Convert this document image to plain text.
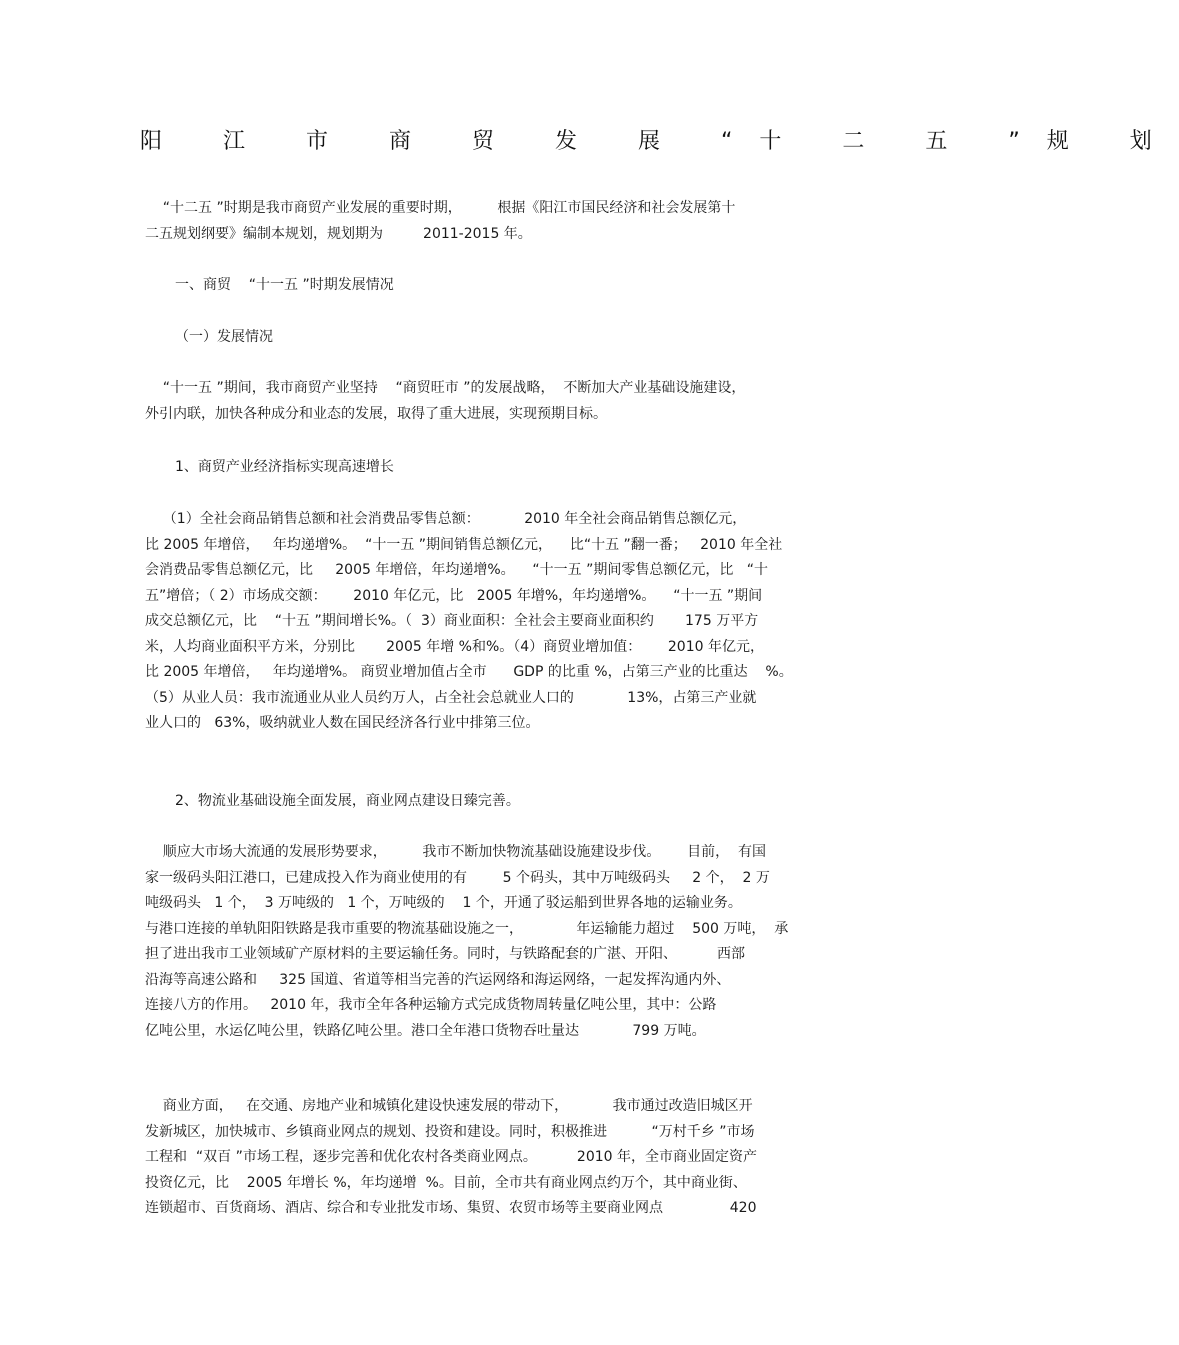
阳 江 市 商 贸 发 展 “十 二 五 ”规 划
“十二五 ”时期是我市商贸产业发展的重要时期，        根据《阳江市国民经济和社会发展第十
二五规划纲要》编制本规划，规划期为         2011-2015 年。
一、商贸    “十一五 ”时期发展情况
（一）发展情况
“十一五 ”期间，我市商贸产业坚持    “商贸旺市 ”的发展战略，  不断加大产业基础设施建设，
外引内联，加快各种成分和业态的发展，取得了重大进展，实现预期目标。
1、商贸产业经济指标实现高速增长
（1）全社会商品销售总额和社会消费品零售总额：          2010 年全社会商品销售总额亿元，
比 2005 年增倍，   年均递增%。  “十一五 ”期间销售总额亿元，    比“十五 ”翻一番；   2010 年全社
会消费品零售总额亿元，比     2005 年增倍，年均递增%。    “十一五 ”期间零售总额亿元，比   “十
五”增倍；（ 2）市场成交额：      2010 年亿元，比   2005 年增%，年均递增%。    “十一五 ”期间
成交总额亿元，比    “十五 ”期间增长%。（  3）商业面积：全社会主要商业面积约       175 万平方
米，人均商业面积平方米，分别比       2005 年增 %和%。（4）商贸业增加值：      2010 年亿元，
比 2005 年增倍，   年均递增%。 商贸业增加值占全市      GDP 的比重 %，占第三产业的比重达    %。
（5）从业人员：我市流通业从业人员约万人，占全社会总就业人口的            13%，占第三产业就
业人口的   63%，吸纳就业人数在国民经济各行业中排第三位。
2、物流业基础设施全面发展，商业网点建设日臻完善。
顺应大市场大流通的发展形势要求，        我市不断加快物流基础设施建设步伐。      目前，  有国
家一级码头阳江港口，已建成投入作为商业使用的有        5 个码头，其中万吨级码头     2 个，  2 万
吨级码头   1 个，  3 万吨级的   1 个，万吨级的    1 个，开通了驳运船到世界各地的运输业务。
与港口连接的单轨阳阳铁路是我市重要的物流基础设施之一，            年运输能力超过    500 万吨，  承
担了进出我市工业领域矿产原材料的主要运输任务。同时，与铁路配套的广湛、开阳、         西部
沿海等高速公路和     325 国道、省道等相当完善的汽运网络和海运网络，一起发挥沟通内外、
连接八方的作用。   2010 年，我市全年各种运输方式完成货物周转量亿吨公里，其中：公路
亿吨公里，水运亿吨公里，铁路亿吨公里。港口全年港口货物吞吐量达            799 万吨。
商业方面，   在交通、房地产业和城镇化建设快速发展的带动下，          我市通过改造旧城区开
发新城区，加快城市、乡镇商业网点的规划、投资和建设。同时，积极推进          “万村千乡 ”市场
工程和  “双百 ”市场工程，逐步完善和优化农村各类商业网点。         2010 年，全市商业固定资产
投资亿元，比    2005 年增长 %，年均递增  %。目前，全市共有商业网点约万个，其中商业街、
连锁超市、百货商场、酒店、综合和专业批发市场、集贸、农贸市场等主要商业网点               420
